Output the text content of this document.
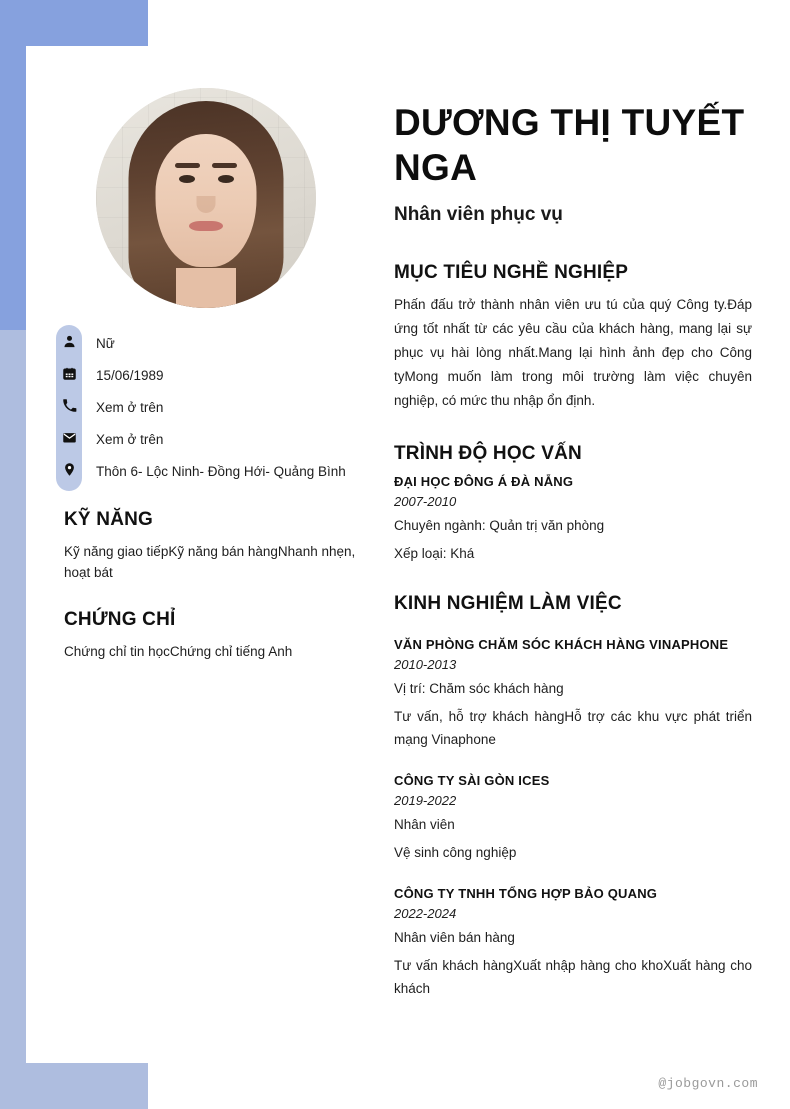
Nữ
15/06/1989
Xem ở trên
Xem ở trên
Thôn 6- Lộc Ninh- Đồng Hới- Quảng Bình
KỸ NĂNG

Kỹ năng giao tiếpKỹ năng bán hàngNhanh nhẹn, hoạt bát

CHỨNG CHỈ

Chứng chỉ tin họcChứng chỉ tiếng Anh

DƯƠNG THỊ TUYẾT NGA
Nhân viên phục vụ
MỤC TIÊU NGHỀ NGHIỆP

Phấn đấu trở thành nhân viên ưu tú của quý Công ty.Đáp ứng tốt nhất từ các yêu cầu của khách hàng, mang lại sự phục vụ hài lòng nhất.Mang lại hình ảnh đẹp cho Công tyMong muốn làm trong môi trường làm việc chuyên nghiệp, có mức thu nhập ổn định.

TRÌNH ĐỘ HỌC VẤN
ĐẠI HỌC ĐÔNG Á ĐÀ NẴNG
2007-2010
Chuyên ngành: Quản trị văn phòng
Xếp loại: Khá
KINH NGHIỆM LÀM VIỆC
VĂN PHÒNG CHĂM SÓC KHÁCH HÀNG VINAPHONE
2010-2013
Vị trí: Chăm sóc khách hàng
Tư vấn, hỗ trợ khách hàngHỗ trợ các khu vực phát triển mạng Vinaphone
CÔNG TY SÀI GÒN ICES
2019-2022
Nhân viên
Vệ sinh công nghiệp
CÔNG TY TNHH TỔNG HỢP BẢO QUANG
2022-2024
Nhân viên bán hàng
Tư vấn khách hàngXuất nhập hàng cho khoXuất hàng cho khách
@jobgovn.com
